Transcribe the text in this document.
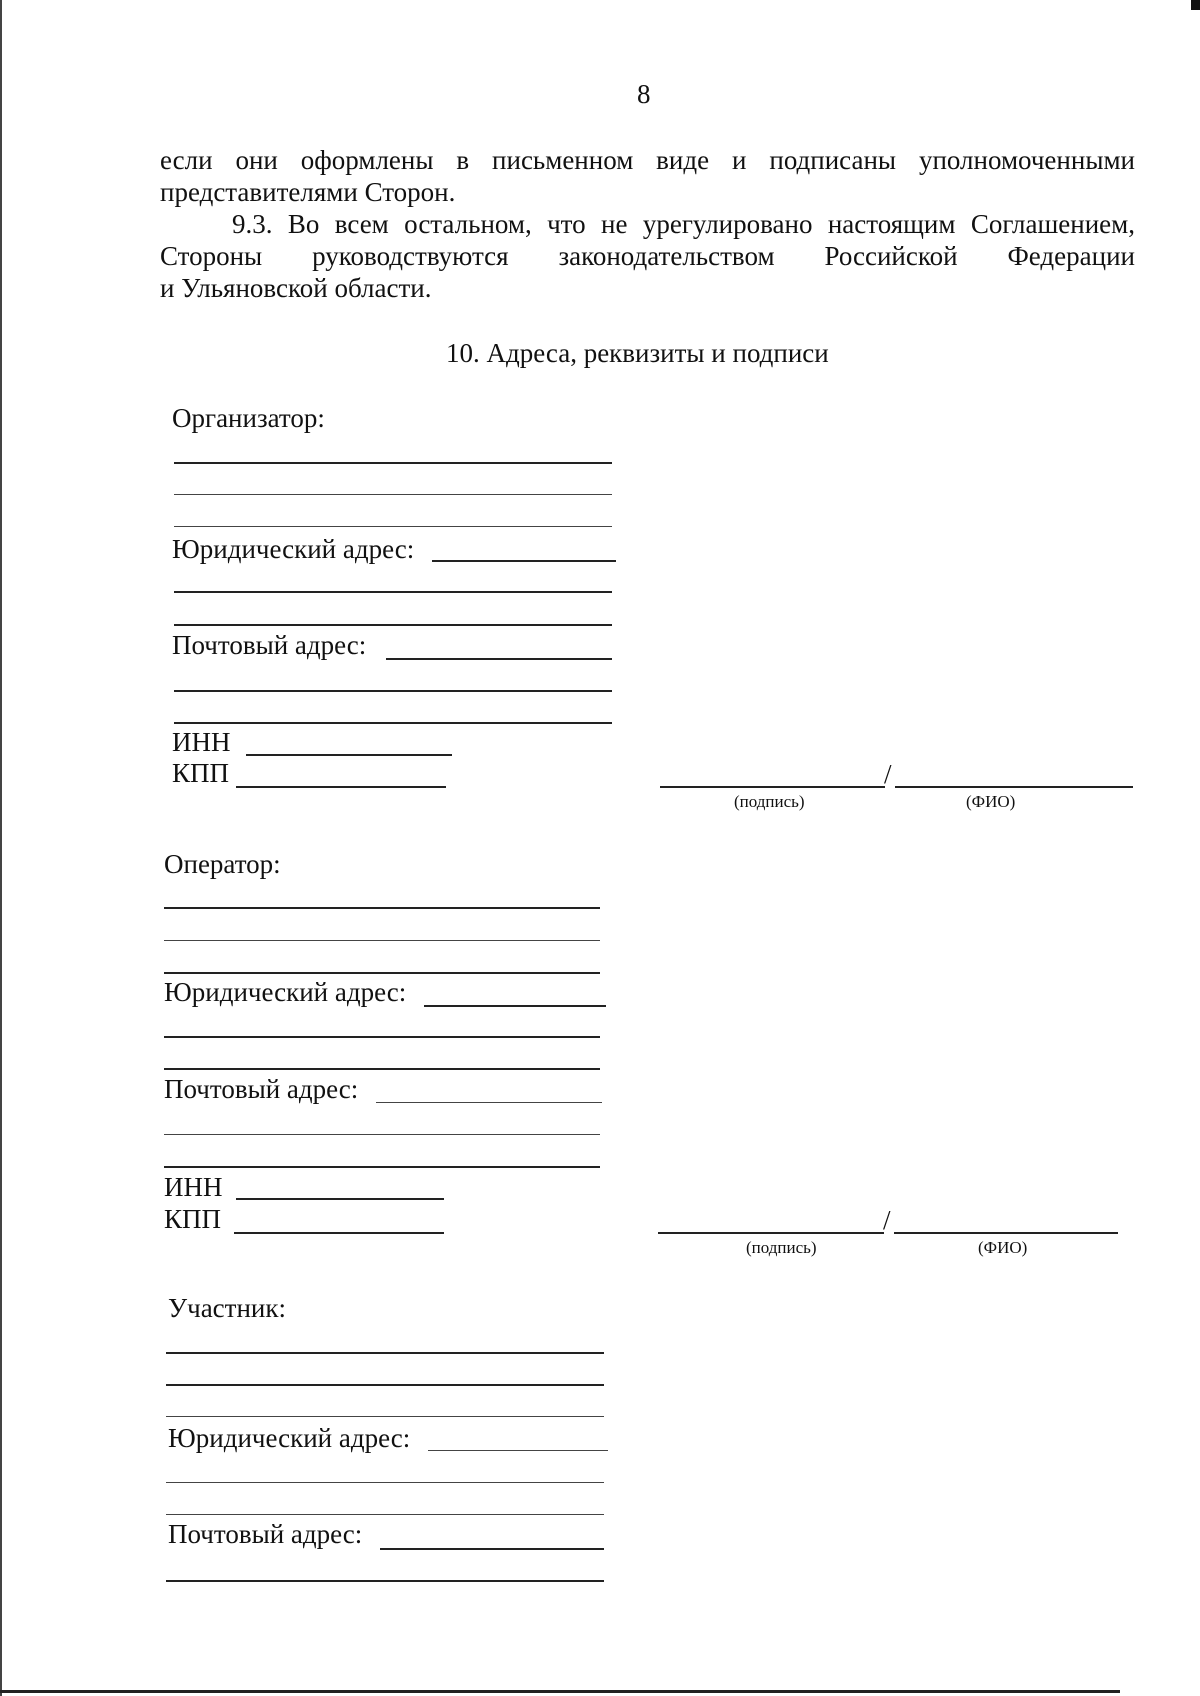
8
если они оформлены в письменном виде и подписаны уполномоченными
представителями Сторон.
9.3. Во всем остальном, что не урегулировано настоящим Соглашением,
Стороны руководствуются законодательством Российской Федерации
и Ульяновской области.
10. Адреса, реквизиты и подписи
Организатор:
Юридический адрес:
Почтовый адрес:
ИНН
КПП	/
(подпись)	(ФИО)
Оператор:
Юридический адрес:
Почтовый адрес:
ИНН
КПП	/
(подпись)	(ФИО)
Участник:
Юридический адрес:
Почтовый адрес:
